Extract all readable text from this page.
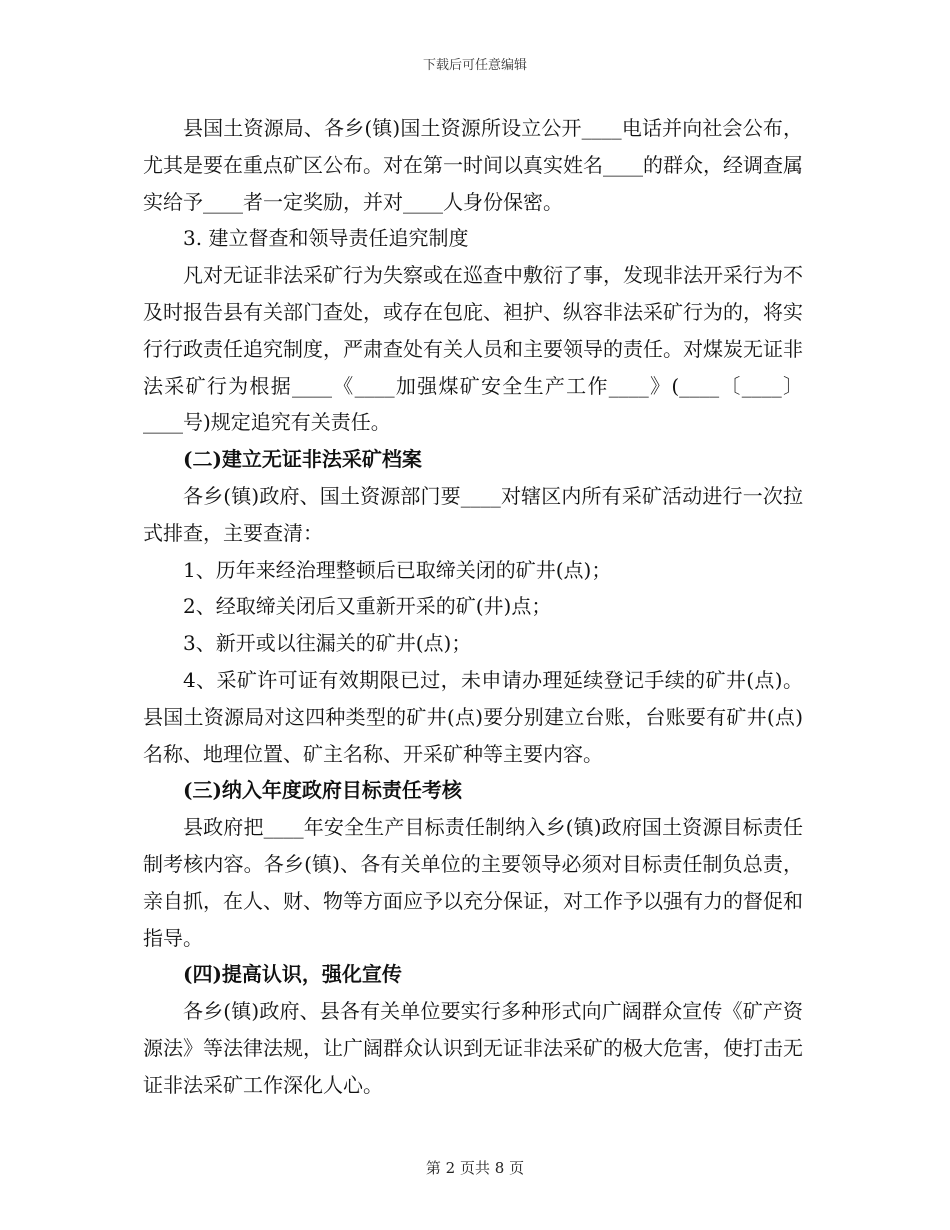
下载后可任意编辑

县国土资源局、各乡(镇)国土资源所设立公开____电话并向社会公布，尤其是要在重点矿区公布。对在第一时间以真实姓名____的群众，经调查属实给予____者一定奖励，并对____人身份保密。

3. 建立督查和领导责任追究制度

凡对无证非法采矿行为失察或在巡查中敷衍了事，发现非法开采行为不及时报告县有关部门查处，或存在包庇、袒护、纵容非法采矿行为的，将实行行政责任追究制度，严肃查处有关人员和主要领导的责任。对煤炭无证非法采矿行为根据____《____加强煤矿安全生产工作____》(____〔____〕____号)规定追究有关责任。

(二)建立无证非法采矿档案

各乡(镇)政府、国土资源部门要____对辖区内所有采矿活动进行一次拉式排查，主要查清：

1、历年来经治理整顿后已取缔关闭的矿井(点)；

2、经取缔关闭后又重新开采的矿(井)点；

3、新开或以往漏关的矿井(点)；

4、采矿许可证有效期限已过，未申请办理延续登记手续的矿井(点)。县国土资源局对这四种类型的矿井(点)要分别建立台账，台账要有矿井(点)名称、地理位置、矿主名称、开采矿种等主要内容。

(三)纳入年度政府目标责任考核

县政府把____年安全生产目标责任制纳入乡(镇)政府国土资源目标责任制考核内容。各乡(镇)、各有关单位的主要领导必须对目标责任制负总责，亲自抓，在人、财、物等方面应予以充分保证，对工作予以强有力的督促和指导。

(四)提高认识，强化宣传

各乡(镇)政府、县各有关单位要实行多种形式向广阔群众宣传《矿产资源法》等法律法规，让广阔群众认识到无证非法采矿的极大危害，使打击无证非法采矿工作深化人心。

第 2 页共 8 页
